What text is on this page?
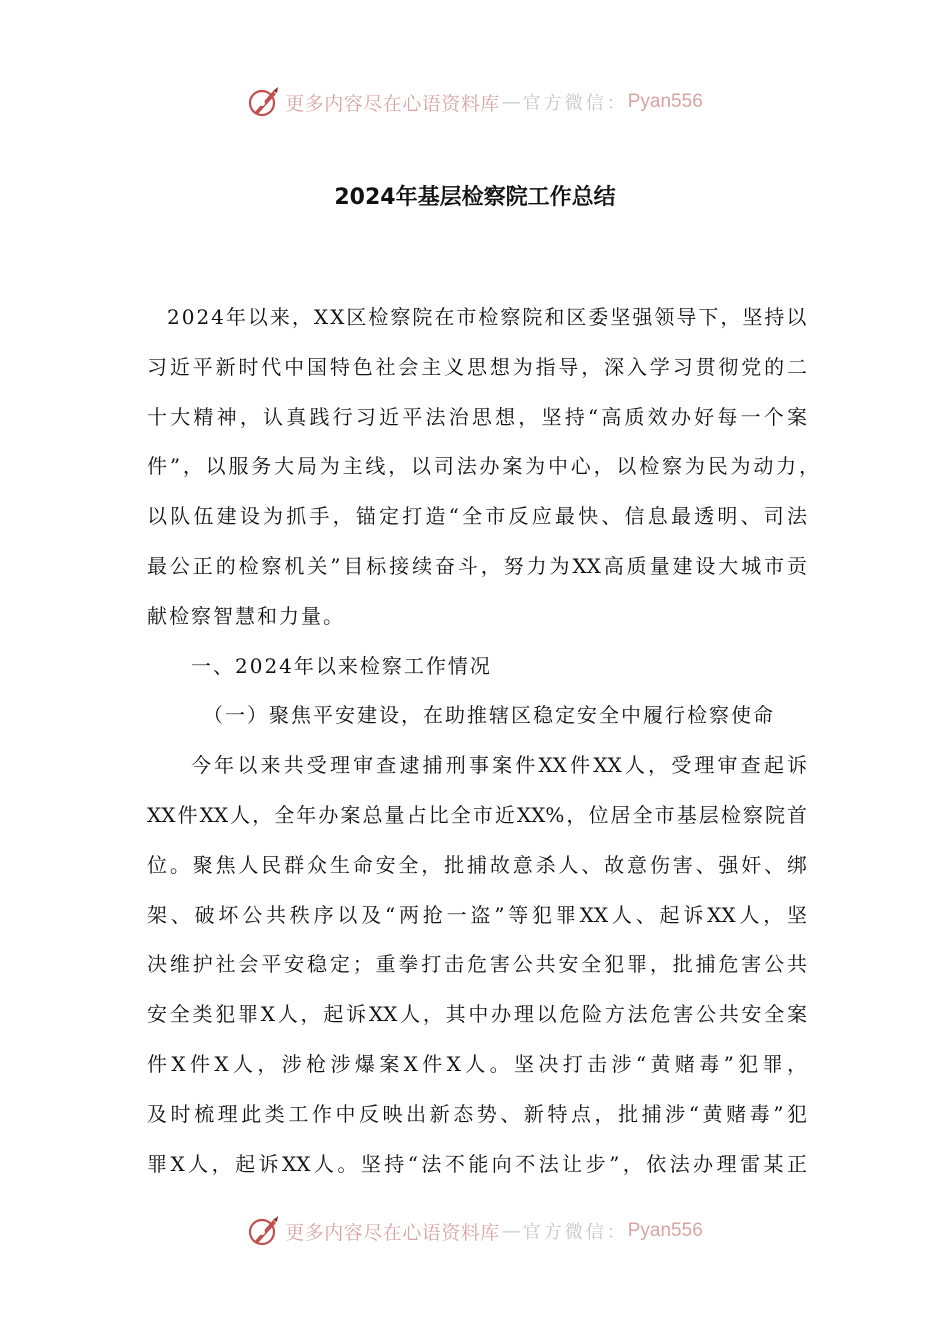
更多内容尽在心语资料库 — 官方微信： Pyan556
2024年基层检察院工作总结
2024年以来，XX区检察院在市检察院和区委坚强领导下，坚持以
习近平新时代中国特色社会主义思想为指导，深入学习贯彻党的二
十大精神，认真践行习近平法治思想，坚持“高质效办好每一个案
件”，以服务大局为主线，以司法办案为中心，以检察为民为动力，
以队伍建设为抓手，锚定打造“全市反应最快、信息最透明、司法
最公正的检察机关”目标接续奋斗，努力为XX高质量建设大城市贡
献检察智慧和力量。
一、2024年以来检察工作情况
（一）聚焦平安建设，在助推辖区稳定安全中履行检察使命
今年以来共受理审查逮捕刑事案件XX件XX人，受理审查起诉
XX件XX人，全年办案总量占比全市近XX%，位居全市基层检察院首
位。聚焦人民群众生命安全，批捕故意杀人、故意伤害、强奸、绑
架、破坏公共秩序以及“两抢一盗”等犯罪XX人、起诉XX人，坚
决维护社会平安稳定；重拳打击危害公共安全犯罪，批捕危害公共
安全类犯罪X人，起诉XX人，其中办理以危险方法危害公共安全案
件X件X人，涉枪涉爆案X件X人。坚决打击涉“黄赌毒”犯罪，
及时梳理此类工作中反映出新态势、新特点，批捕涉“黄赌毒”犯
罪X人，起诉XX人。坚持“法不能向不法让步”，依法办理雷某正
更多内容尽在心语资料库 — 官方微信： Pyan556
